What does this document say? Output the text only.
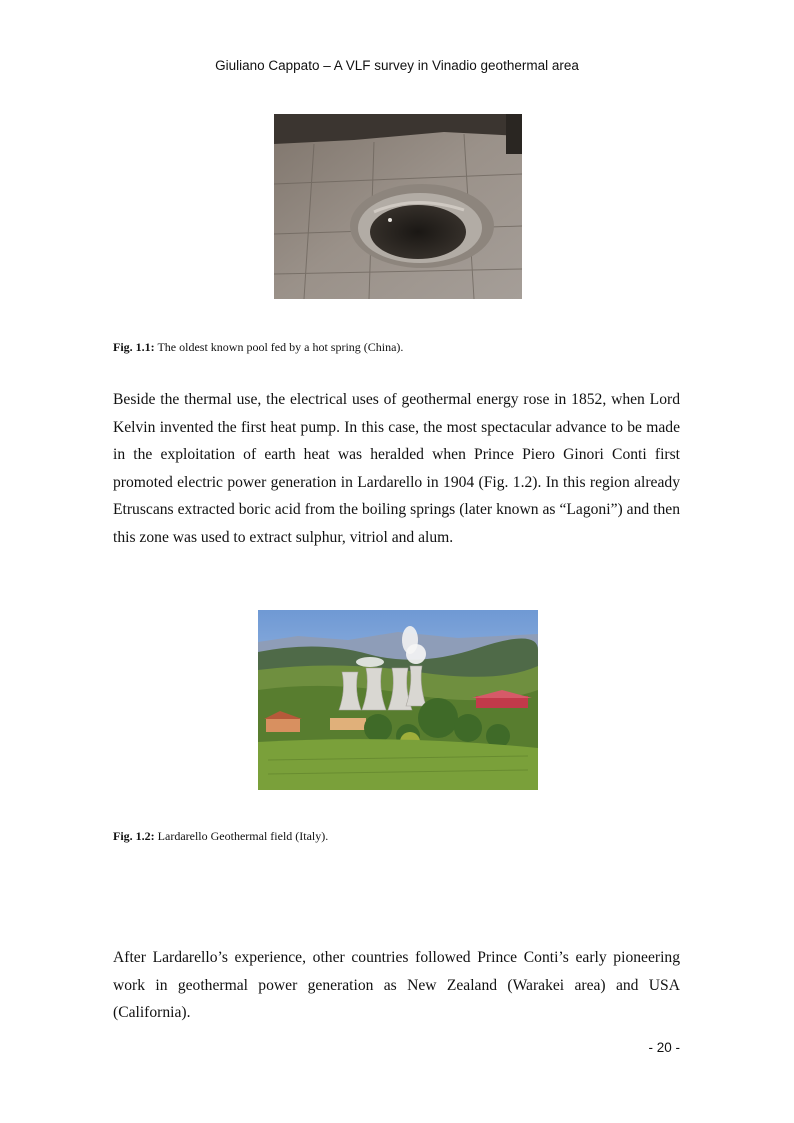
Giuliano Cappato – A VLF survey in Vinadio geothermal area
Fig. 1.1: The oldest known pool fed by a hot spring (China).
Beside the thermal use, the electrical uses of geothermal energy rose in 1852, when Lord Kelvin invented the first heat pump. In this case, the most spectacular advance to be made in the exploitation of earth heat was heralded when Prince Piero Ginori Conti first promoted electric power generation in Lardarello in 1904 (Fig. 1.2). In this region already Etruscans extracted boric acid from the boiling springs (later known as “Lagoni”) and then this zone was used to extract sulphur, vitriol and alum.
Fig. 1.2: Lardarello Geothermal field (Italy).
After Lardarello’s experience, other countries followed Prince Conti’s early pioneering work in geothermal power generation as New Zealand (Warakei area) and USA (California).
- 20 -
